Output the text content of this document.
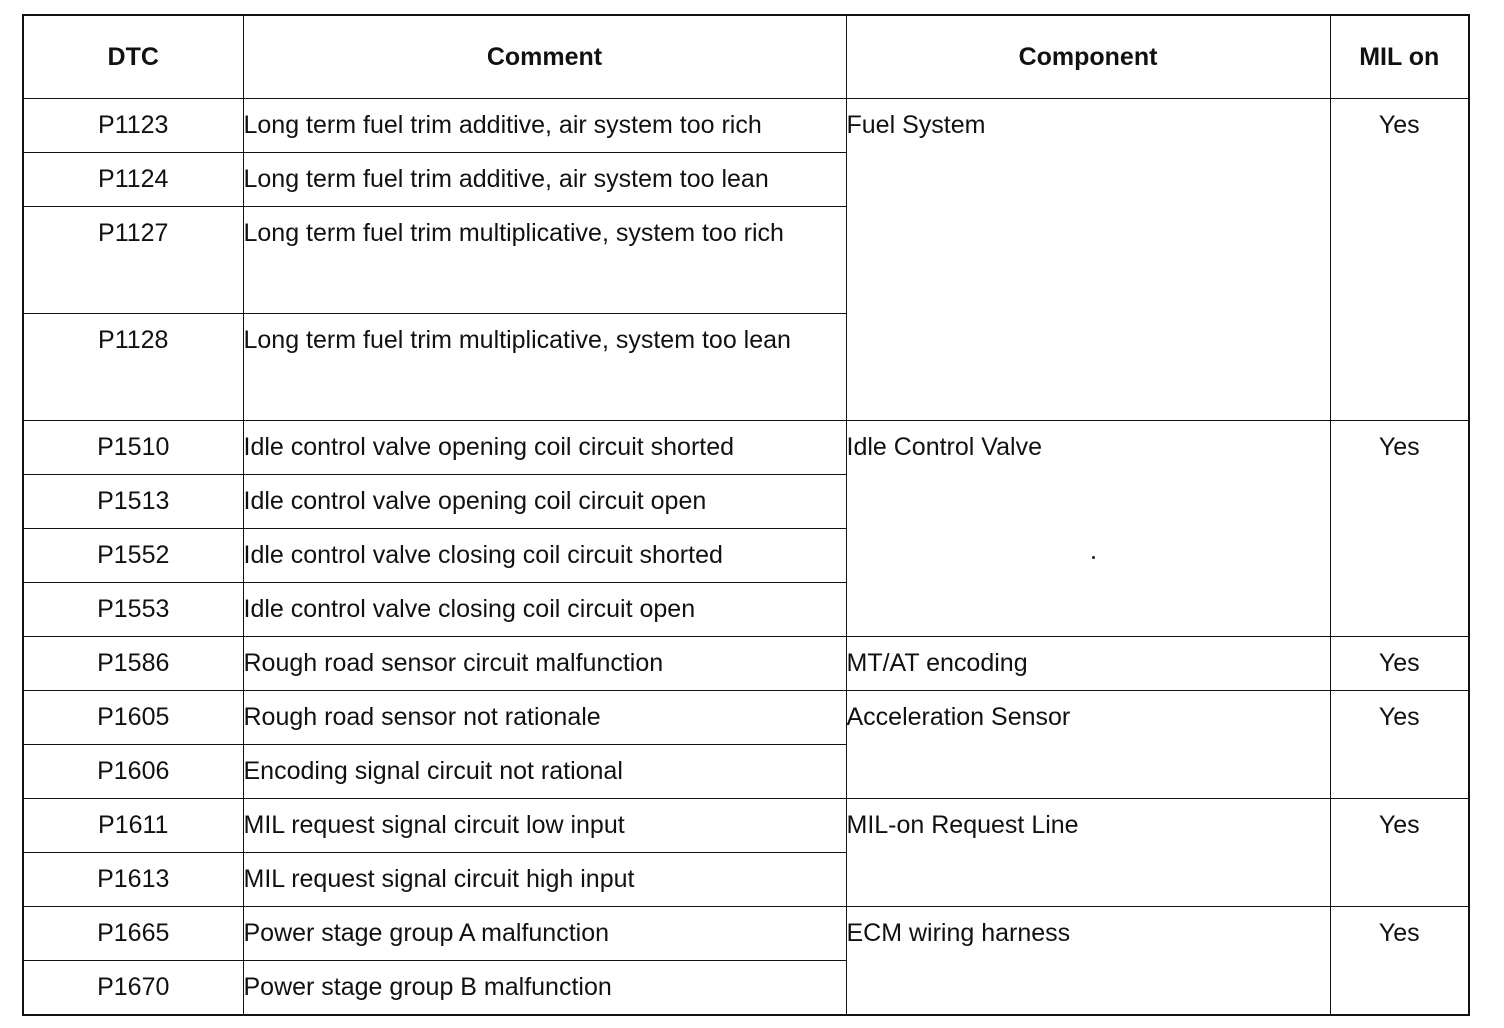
DTC	Comment	Component	MIL on
P1123	Long term fuel trim additive, air system too rich	Fuel System	Yes
P1124	Long term fuel trim additive, air system too lean		
P1127	Long term fuel trim multiplicative, system too rich		
P1128	Long term fuel trim multiplicative, system too lean		
P1510	Idle control valve opening coil circuit shorted	Idle Control Valve	Yes
P1513	Idle control valve opening coil circuit open		
P1552	Idle control valve closing coil circuit shorted		
P1553	Idle control valve closing coil circuit open		
P1586	Rough road sensor circuit malfunction	MT/AT encoding	Yes
P1605	Rough road sensor not rationale	Acceleration Sensor	Yes
P1606	Encoding signal circuit not rational		
P1611	MIL request signal circuit low input	MIL-on Request Line	Yes
P1613	MIL request signal circuit high input		
P1665	Power stage group A malfunction	ECM wiring harness	Yes
P1670	Power stage group B malfunction		
